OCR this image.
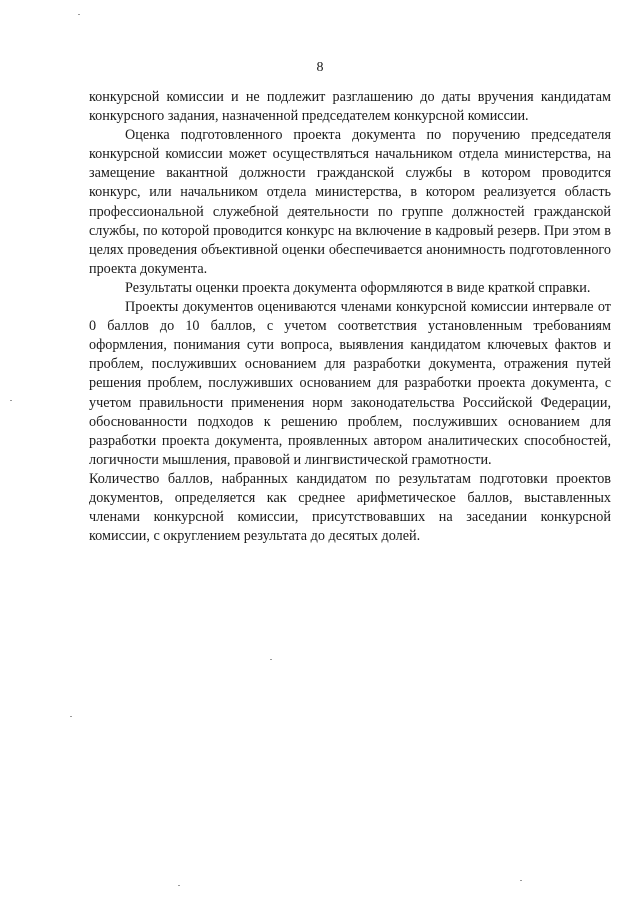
8

конкурсной комиссии и не подлежит разглашению до даты вручения кандидатам конкурсного задания, назначенной председателем конкурсной комиссии.

Оценка подготовленного проекта документа по поручению председателя конкурсной комиссии может осуществляться начальником отдела министерства, на замещение вакантной должности гражданской службы в котором проводится конкурс, или начальником отдела министерства, в котором реализуется область профессиональной служебной деятельности по группе должностей гражданской службы, по которой проводится конкурс на включение в кадровый резерв. При этом в целях проведения объективной оценки обеспечивается анонимность подготовленного проекта документа.

Результаты оценки проекта документа оформляются в виде краткой справки.

Проекты документов оцениваются членами конкурсной комиссии интервале от 0 баллов до 10 баллов, с учетом соответствия установленным требованиям оформления, понимания сути вопроса, выявления кандидатом ключевых фактов и проблем, послуживших основанием для разработки документа, отражения путей решения проблем, послуживших основанием для разработки проекта документа, с учетом правильности применения норм законодательства Российской Федерации, обоснованности подходов к решению проблем, послуживших основанием для разработки проекта документа, проявленных автором аналитических способностей, логичности мышления, правовой и лингвистической грамотности.

Количество баллов, набранных кандидатом по результатам подготовки проектов документов, определяется как среднее арифметическое баллов, выставленных членами конкурсной комиссии, присутствовавших на заседании конкурсной комиссии, с округлением результата до десятых долей.
